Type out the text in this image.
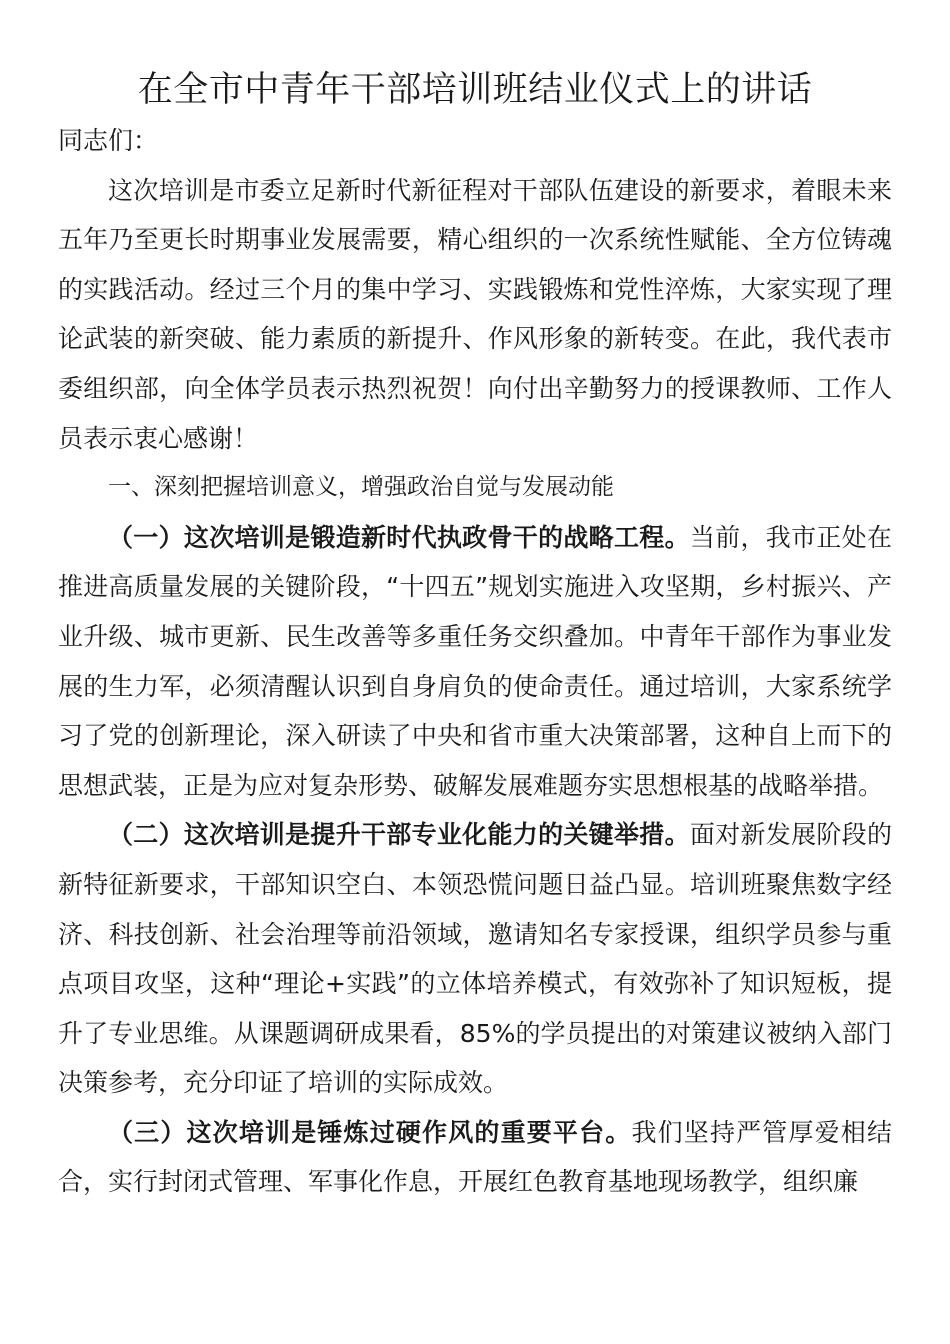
在全市中青年干部培训班结业仪式上的讲话

同志们：

这次培训是市委立足新时代新征程对干部队伍建设的新要求，着眼未来五年乃至更长时期事业发展需要，精心组织的一次系统性赋能、全方位铸魂的实践活动。经过三个月的集中学习、实践锻炼和党性淬炼，大家实现了理论武装的新突破、能力素质的新提升、作风形象的新转变。在此，我代表市委组织部，向全体学员表示热烈祝贺！向付出辛勤努力的授课教师、工作人员表示衷心感谢！

一、深刻把握培训意义，增强政治自觉与发展动能

（一）这次培训是锻造新时代执政骨干的战略工程。当前，我市正处在推进高质量发展的关键阶段，“十四五”规划实施进入攻坚期，乡村振兴、产业升级、城市更新、民生改善等多重任务交织叠加。中青年干部作为事业发展的生力军，必须清醒认识到自身肩负的使命责任。通过培训，大家系统学习了党的创新理论，深入研读了中央和省市重大决策部署，这种自上而下的思想武装，正是为应对复杂形势、破解发展难题夯实思想根基的战略举措。

（二）这次培训是提升干部专业化能力的关键举措。面对新发展阶段的新特征新要求，干部知识空白、本领恐慌问题日益凸显。培训班聚焦数字经济、科技创新、社会治理等前沿领域，邀请知名专家授课，组织学员参与重点项目攻坚，这种“理论+实践”的立体培养模式，有效弥补了知识短板，提升了专业思维。从课题调研成果看，85%的学员提出的对策建议被纳入部门决策参考，充分印证了培训的实际成效。

（三）这次培训是锤炼过硬作风的重要平台。我们坚持严管厚爱相结合，实行封闭式管理、军事化作息，开展红色教育基地现场教学，组织廉
